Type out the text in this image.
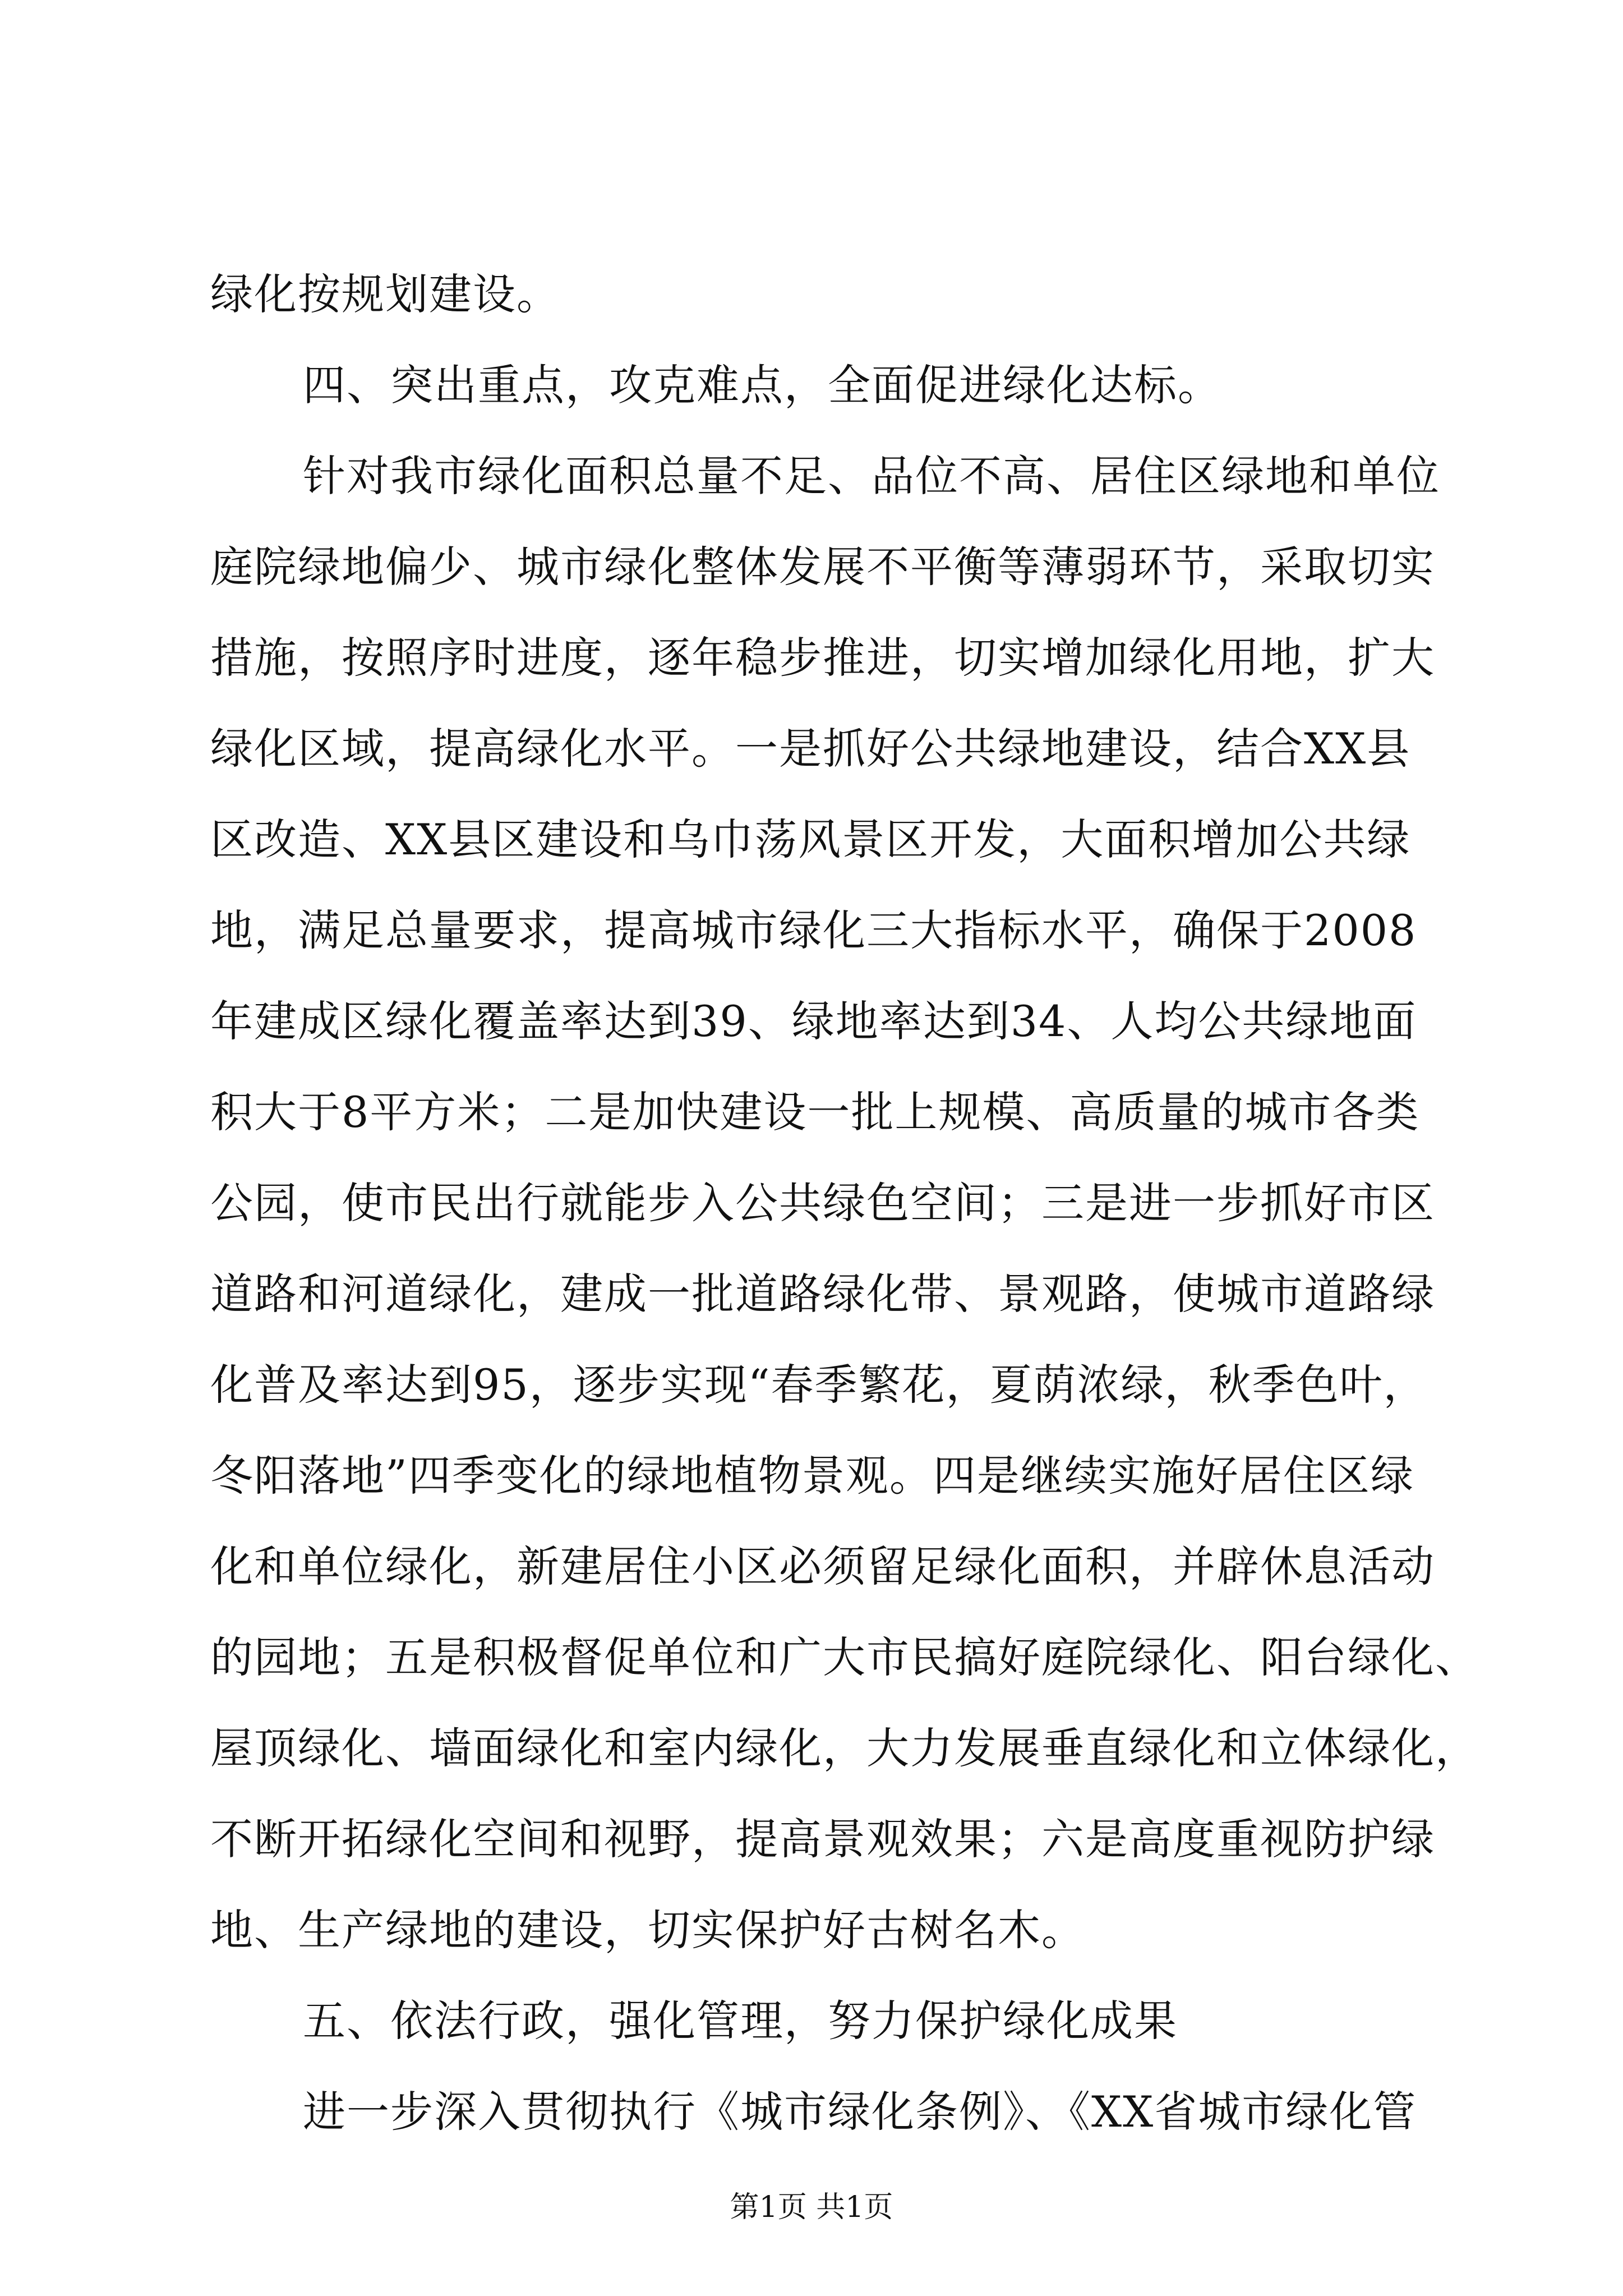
绿化按规划建设。
四、突出重点，攻克难点，全面促进绿化达标。
针对我市绿化面积总量不足、品位不高、居住区绿地和单位
庭院绿地偏少、城市绿化整体发展不平衡等薄弱环节，采取切实
措施，按照序时进度，逐年稳步推进，切实增加绿化用地，扩大
绿化区域，提高绿化水平。一是抓好公共绿地建设，结合XX县
区改造、XX县区建设和乌巾荡风景区开发，大面积增加公共绿
地，满足总量要求，提高城市绿化三大指标水平，确保于2008
年建成区绿化覆盖率达到39、绿地率达到34、人均公共绿地面
积大于8平方米；二是加快建设一批上规模、高质量的城市各类
公园，使市民出行就能步入公共绿色空间；三是进一步抓好市区
道路和河道绿化，建成一批道路绿化带、景观路，使城市道路绿
化普及率达到95，逐步实现“春季繁花，夏荫浓绿，秋季色叶，
冬阳落地”四季变化的绿地植物景观。四是继续实施好居住区绿
化和单位绿化，新建居住小区必须留足绿化面积，并辟休息活动
的园地；五是积极督促单位和广大市民搞好庭院绿化、阳台绿化、
屋顶绿化、墙面绿化和室内绿化，大力发展垂直绿化和立体绿化，
不断开拓绿化空间和视野，提高景观效果；六是高度重视防护绿
地、生产绿地的建设，切实保护好古树名木。
五、依法行政，强化管理，努力保护绿化成果
进一步深入贯彻执行《城市绿化条例》、《XX省城市绿化管
第1页 共1页
